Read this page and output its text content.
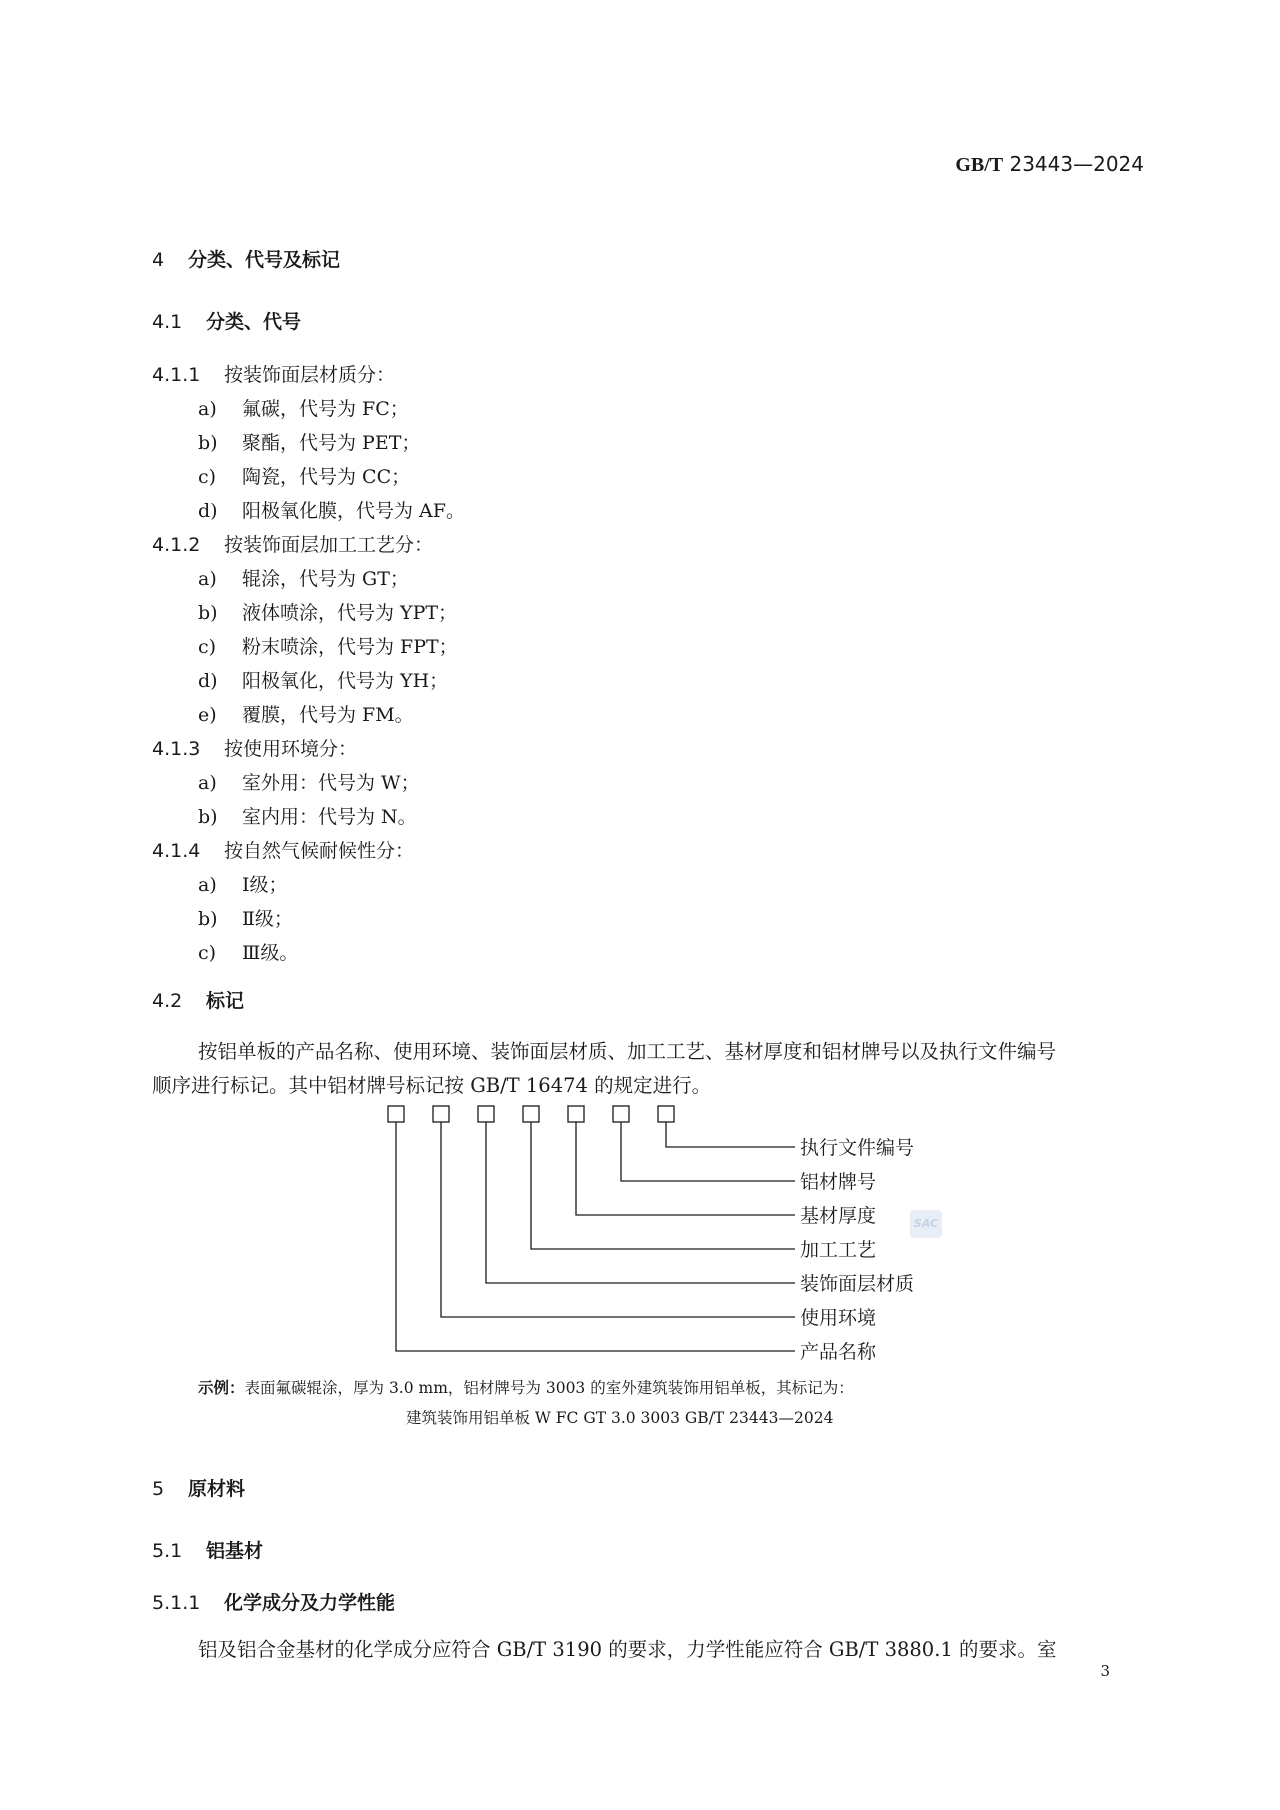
GB/T 23443—2024
4 分类、代号及标记
4.1 分类、代号
4.1.1 按装饰面层材质分：
a) 氟碳，代号为 FC；
b) 聚酯，代号为 PET；
c) 陶瓷，代号为 CC；
d) 阳极氧化膜，代号为 AF。
4.1.2 按装饰面层加工工艺分：
a) 辊涂，代号为 GT；
b) 液体喷涂，代号为 YPT；
c) 粉末喷涂，代号为 FPT；
d) 阳极氧化，代号为 YH；
e) 覆膜，代号为 FM。
4.1.3 按使用环境分：
a) 室外用：代号为 W；
b) 室内用：代号为 N。
4.1.4 按自然气候耐候性分：
a) Ⅰ级；
b) Ⅱ级；
c) Ⅲ级。
4.2 标记
按铝单板的产品名称、使用环境、装饰面层材质、加工工艺、基材厚度和铝材牌号以及执行文件编号
顺序进行标记。其中铝材牌号标记按 GB/T 16474 的规定进行。
SAC
执行文件编号
铝材牌号
基材厚度
加工工艺
装饰面层材质
使用环境
产品名称
示例：表面氟碳辊涂，厚为 3.0 mm，铝材牌号为 3003 的室外建筑装饰用铝单板，其标记为：
建筑装饰用铝单板 W FC GT 3.0 3003 GB/T 23443—2024
5 原材料
5.1 铝基材
5.1.1 化学成分及力学性能
铝及铝合金基材的化学成分应符合 GB/T 3190 的要求，力学性能应符合 GB/T 3880.1 的要求。室
3
